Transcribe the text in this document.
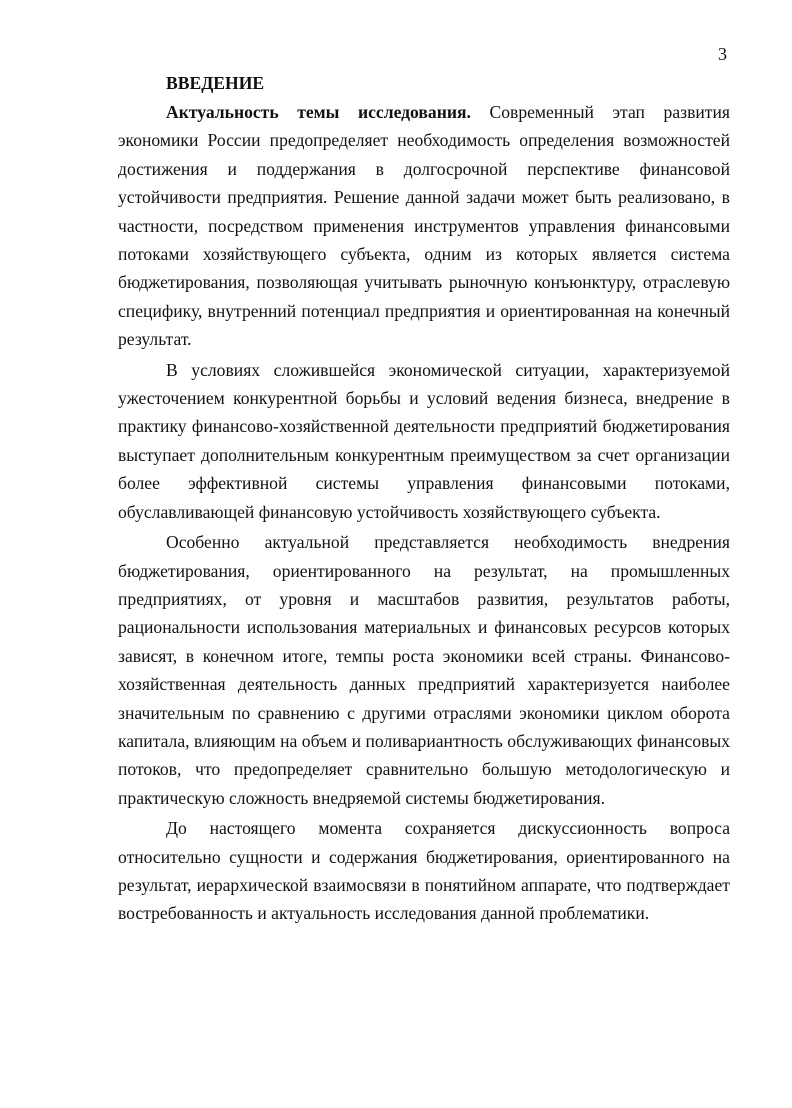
3
ВВЕДЕНИЕ

Актуальность темы исследования. Современный этап развития экономики России предопределяет необходимость определения возможностей достижения и поддержания в долгосрочной перспективе финансовой устойчивости предприятия. Решение данной задачи может быть реализовано, в частности, посредством применения инструментов управления финансовыми потоками хозяйствующего субъекта, одним из которых является система бюджетирования, позволяющая учитывать рыночную конъюнктуру, отраслевую специфику, внутренний потенциал предприятия и ориентированная на конечный результат.

В условиях сложившейся экономической ситуации, характеризуемой ужесточением конкурентной борьбы и условий ведения бизнеса, внедрение в практику финансово-хозяйственной деятельности предприятий бюджетирования выступает дополнительным конкурентным преимуществом за счет организации более эффективной системы управления финансовыми потоками, обуславливающей финансовую устойчивость хозяйствующего субъекта.

Особенно актуальной представляется необходимость внедрения бюджетирования, ориентированного на результат, на промышленных предприятиях, от уровня и масштабов развития, результатов работы, рациональности использования материальных и финансовых ресурсов которых зависят, в конечном итоге, темпы роста экономики всей страны. Финансово-хозяйственная деятельность данных предприятий характеризуется наиболее значительным по сравнению с другими отраслями экономики циклом оборота капитала, влияющим на объем и поливариантность обслуживающих финансовых потоков, что предопределяет сравнительно большую методологическую и практическую сложность внедряемой системы бюджетирования.

До настоящего момента сохраняется дискуссионность вопроса относительно сущности и содержания бюджетирования, ориентированного на результат, иерархической взаимосвязи в понятийном аппарате, что подтверждает востребованность и актуальность исследования данной проблематики.
